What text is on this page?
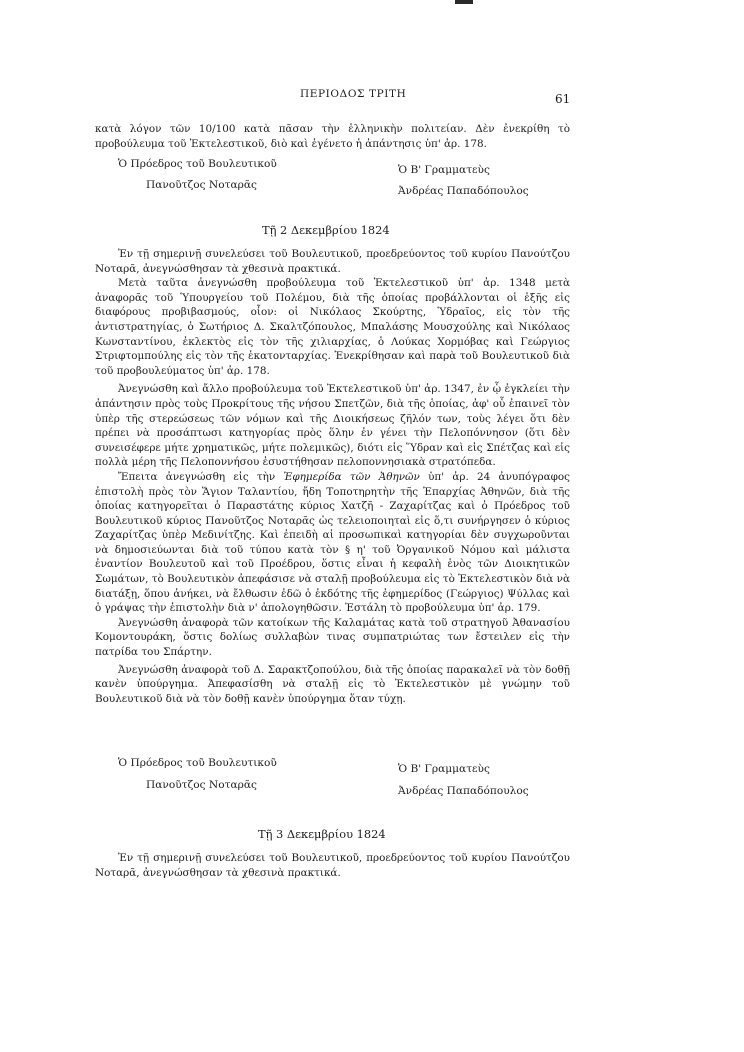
ΠΕΡΙΟΔΟΣ ΤΡΙΤΗ	61

κατὰ λόγον τῶν 10/100 κατὰ πᾶσαν τὴν ἑλληνικὴν πολιτείαν. Δὲν ἐνεκρίθη τὸ προβούλευμα τοῦ Ἐκτελεστικοῦ, διὸ καὶ ἐγένετο ἡ ἀπάντησις ὑπ' ἀρ. 178.

Ὁ Πρόεδρος τοῦ Βουλευτικοῦ
Πανοῦτζος Νοταρᾶς
Ὁ Β' Γραμματεὺς
Ἀνδρέας Παπαδόπουλος
Τῇ 2 Δεκεμβρίου 1824

Ἐν τῇ σημερινῇ συνελεύσει τοῦ Βουλευτικοῦ, προεδρεύοντος τοῦ κυρίου Πανούτζου Νοταρᾶ, ἀνεγνώσθησαν τὰ χθεσινὰ πρακτικά.

Μετὰ ταῦτα ἀνεγνώσθη προβούλευμα τοῦ Ἐκτελεστικοῦ ὑπ' ἀρ. 1348 μετὰ ἀναφορᾶς τοῦ Ὑπουργείου τοῦ Πολέμου, διὰ τῆς ὁποίας προβάλλονται οἱ ἑξῆς εἰς διαφόρους προβιβασμούς, οἷον: οἱ Νικόλαος Σκούρτης, Ὑδραῖος, εἰς τὸν τῆς ἀντιστρατηγίας, ὁ Σωτήριος Δ. Σκαλτζόπουλος, Μπαλάσης Μουσχούλης καὶ Νικόλαος Κωνσταντίνου, ἐκλεκτὸς εἰς τὸν τῆς χιλιαρχίας, ὁ Λούκας Χορμόβας καὶ Γεώργιος Στριφτομπούλης εἰς τὸν τῆς ἑκατονταρχίας. Ἐνεκρίθησαν καὶ παρὰ τοῦ Βουλευτικοῦ διὰ τοῦ προβουλεύματος ὑπ' ἀρ. 178.

Ἀνεγνώσθη καὶ ἄλλο προβούλευμα τοῦ Ἐκτελεστικοῦ ὑπ' ἀρ. 1347, ἐν ᾧ ἐγκλείει τὴν ἀπάντησιν πρὸς τοὺς Προκρίτους τῆς νήσου Σπετζῶν, διὰ τῆς ὁποίας, ἀφ' οὗ ἐπαινεῖ τὸν ὑπὲρ τῆς στερεώσεως τῶν νόμων καὶ τῆς Διοικήσεως ζῆλόν των, τοὺς λέγει ὅτι δὲν πρέπει νὰ προσάπτωσι κατηγορίας πρὸς ὅλην ἐν γένει τὴν Πελοπόννησον (ὅτι δὲν συνεισέφερε μήτε χρηματικῶς, μήτε πολεμικῶς), διότι εἰς Ὕδραν καὶ εἰς Σπέτζας καὶ εἰς πολλὰ μέρη τῆς Πελοποννήσου ἐσυστήθησαν πελοποννησιακὰ στρατόπεδα.

Ἔπειτα ἀνεγνώσθη εἰς τὴν Ἐφημερίδα τῶν Ἀθηνῶν ὑπ' ἀρ. 24 ἀνυπόγραφος ἐπιστολὴ πρὸς τὸν Ἅγιον Ταλαντίου, ἤδη Τοποτηρητὴν τῆς Ἐπαρχίας Ἀθηνῶν, διὰ τῆς ὁποίας κατηγορεῖται ὁ Παραστάτης κύριος Χατζῆ - Ζαχαρίτζας καὶ ὁ Πρόεδρος τοῦ Βουλευτικοῦ κύριος Πανοῦτζος Νοταρᾶς ὡς τελειοποιηταὶ εἰς ὅ,τι συνήργησεν ὁ κύριος Ζαχαρίτζας ὑπὲρ Μεδινίτζης. Καὶ ἐπειδὴ αἱ προσωπικαὶ κατηγορίαι δὲν συγχωροῦνται νὰ δημοσιεύωνται διὰ τοῦ τύπου κατὰ τὸν § η' τοῦ Ὀργανικοῦ Νόμου καὶ μάλιστα ἐναντίον Βουλευτοῦ καὶ τοῦ Προέδρου, ὅστις εἶναι ἡ κεφαλὴ ἑνὸς τῶν Διοικητικῶν Σωμάτων, τὸ Βουλευτικὸν ἀπεφάσισε νὰ σταλῇ προβούλευμα εἰς τὸ Ἐκτελεστικὸν διὰ νὰ διατάξῃ, ὅπου ἀνήκει, νὰ ἔλθωσιν ἐδῶ ὁ ἐκδότης τῆς ἐφημερίδος (Γεώργιος) Ψύλλας καὶ ὁ γράψας τὴν ἐπιστολὴν διὰ ν' ἀπολογηθῶσιν. Ἐστάλη τὸ προβούλευμα ὑπ' ἀρ. 179.

Ἀνεγνώσθη ἀναφορὰ τῶν κατοίκων τῆς Καλαμάτας κατὰ τοῦ στρατηγοῦ Ἀθανασίου Κομοντουράκη, ὅστις δολίως συλλαβὼν τινας συμπατριώτας των ἔστειλεν εἰς τὴν πατρίδα του Σπάρτην.

Ἀνεγνώσθη ἀναφορὰ τοῦ Δ. Σαρακτζοπούλου, διὰ τῆς ὁποίας παρακαλεῖ νὰ τὸν δοθῇ κανὲν ὑπούργημα. Ἀπεφασίσθη νὰ σταλῇ εἰς τὸ Ἐκτελεστικὸν μὲ γνώμην τοῦ Βουλευτικοῦ διὰ νὰ τὸν δοθῇ κανὲν ὑπούργημα ὅταν τύχῃ.

Ὁ Πρόεδρος τοῦ Βουλευτικοῦ
Πανοῦτζος Νοταρᾶς
Ὁ Β' Γραμματεὺς
Ἀνδρέας Παπαδόπουλος
Τῇ 3 Δεκεμβρίου 1824

Ἐν τῇ σημερινῇ συνελεύσει τοῦ Βουλευτικοῦ, προεδρεύοντος τοῦ κυρίου Πανούτζου Νοταρᾶ, ἀνεγνώσθησαν τὰ χθεσινὰ πρακτικά.
